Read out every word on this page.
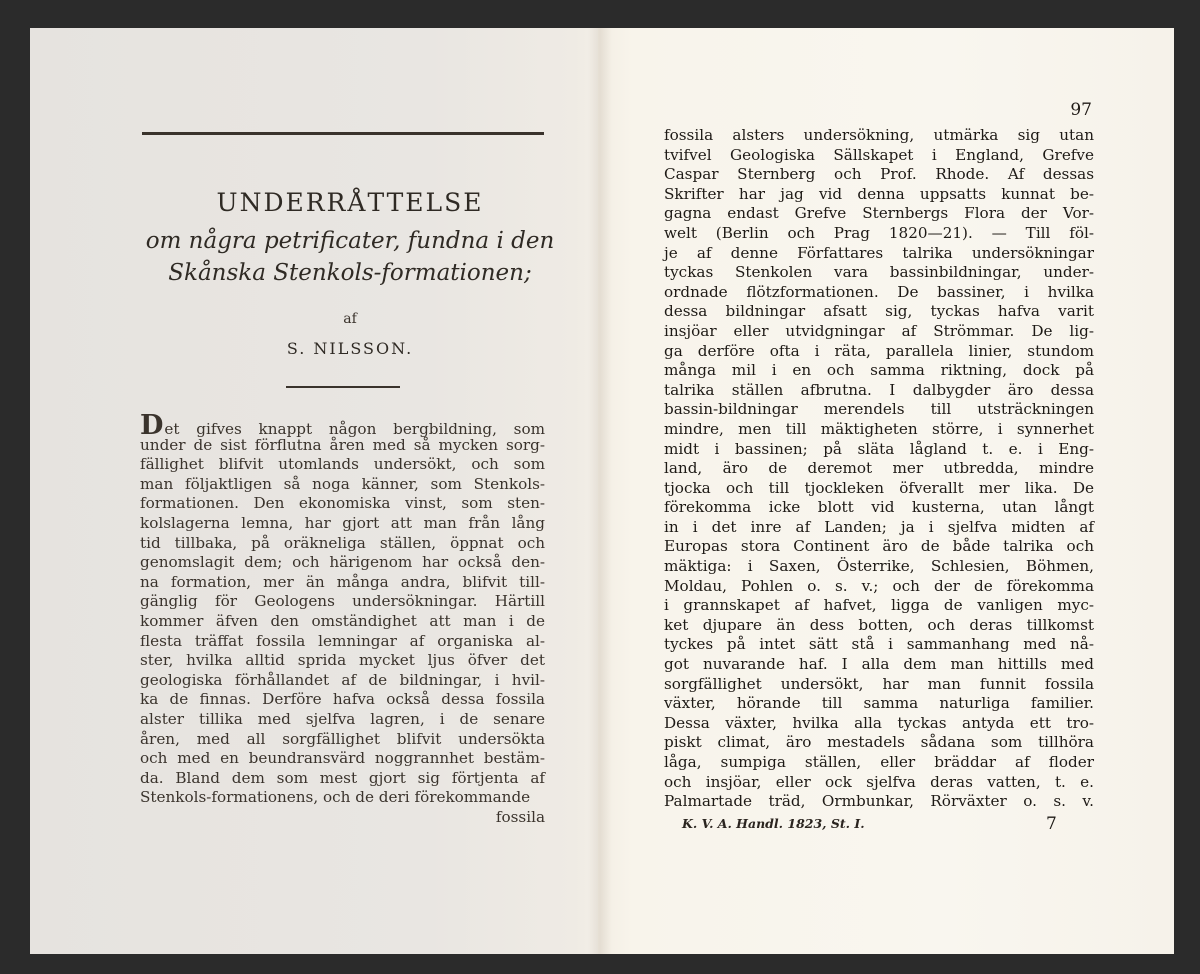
UNDERRÅTTELSE
om några petrificater, fundna i den
Skånska Stenkols-formationen;
af
S. NILSSON.
Det gifves knappt någon bergbildning, som
under de sist förflutna åren med så mycken sorg-
fällighet blifvit utomlands undersökt, och som
man följaktligen så noga känner, som Stenkols-
formationen. Den ekonomiska vinst, som sten-
kolslagerna lemna, har gjort att man från lång
tid tillbaka, på oräkneliga ställen, öppnat och
genomslagit dem; och härigenom har också den-
na formation, mer än många andra, blifvit till-
gänglig för Geologens undersökningar. Härtill
kommer äfven den omständighet att man i de
flesta träffat fossila lemningar af organiska al-
ster, hvilka alltid sprida mycket ljus öfver det
geologiska förhållandet af de bildningar, i hvil-
ka de finnas. Derföre hafva också dessa fossila
alster tillika med sjelfva lagren, i de senare
åren, med all sorgfällighet blifvit undersökta
och med en beundransvärd noggrannhet bestäm-
da. Bland dem som mest gjort sig förtjenta af
Stenkols-formationens, och de deri förekommande
fossila
97
fossila alsters undersökning, utmärka sig utan
tvifvel Geologiska Sällskapet i England, Grefve
Caspar Sternberg och Prof. Rhode. Af dessas
Skrifter har jag vid denna uppsatts kunnat be-
gagna endast Grefve Sternbergs Flora der Vor-
welt (Berlin och Prag 1820—21). — Till föl-
je af denne Författares talrika undersökningar
tyckas Stenkolen vara bassinbildningar, under-
ordnade flötzformationen. De bassiner, i hvilka
dessa bildningar afsatt sig, tyckas hafva varit
insjöar eller utvidgningar af Strömmar. De lig-
ga derföre ofta i räta, parallela linier, stundom
många mil i en och samma riktning, dock på
talrika ställen afbrutna. I dalbygder äro dessa
bassin-bildningar merendels till utsträckningen
mindre, men till mäktigheten större, i synnerhet
midt i bassinen; på släta lågland t. e. i Eng-
land, äro de deremot mer utbredda, mindre
tjocka och till tjockleken öfverallt mer lika. De
förekomma icke blott vid kusterna, utan långt
in i det inre af Landen; ja i sjelfva midten af
Europas stora Continent äro de både talrika och
mäktiga: i Saxen, Österrike, Schlesien, Böhmen,
Moldau, Pohlen o. s. v.; och der de förekomma
i grannskapet af hafvet, ligga de vanligen myc-
ket djupare än dess botten, och deras tillkomst
tyckes på intet sätt stå i sammanhang med nå-
got nuvarande haf. I alla dem man hittills med
sorgfällighet undersökt, har man funnit fossila
växter, hörande till samma naturliga familier.
Dessa växter, hvilka alla tyckas antyda ett tro-
piskt climat, äro mestadels sådana som tillhöra
låga, sumpiga ställen, eller bräddar af floder
och insjöar, eller ock sjelfva deras vatten, t. e.
Palmartade träd, Ormbunkar, Rörväxter o. s. v.
K. V. A. Handl. 1823, St. I.	7
